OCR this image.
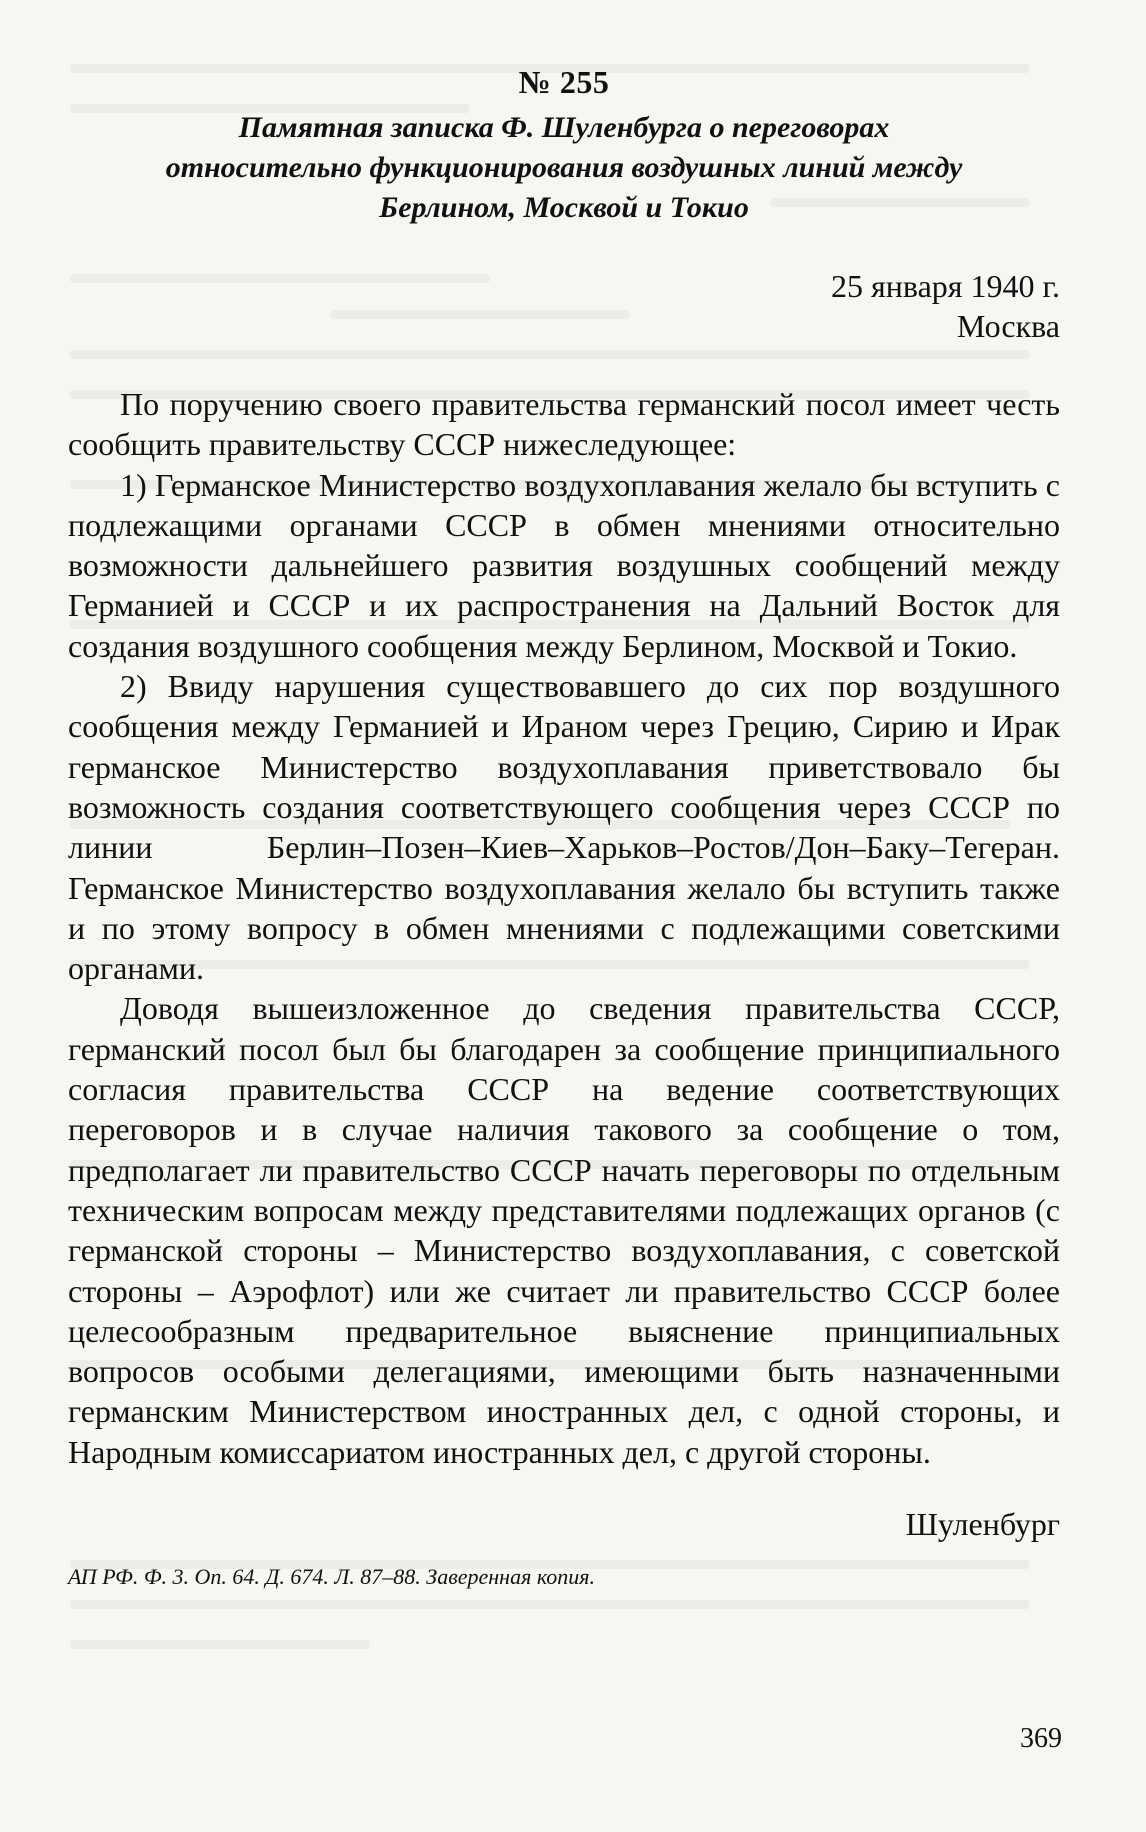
№ 255
Памятная записка Ф. Шуленбурга о переговорах относительно функционирования воздушных линий между Берлином, Москвой и Токио
25 января 1940 г.
Москва

По поручению своего правительства германский посол имеет честь сообщить правительству СССР нижеследующее:

1) Германское Министерство воздухоплавания желало бы вступить с подлежащими органами СССР в обмен мнениями относительно возможности дальнейшего развития воздушных сообщений между Германией и СССР и их распространения на Дальний Восток для создания воздушного сообщения между Берлином, Москвой и Токио.

2) Ввиду нарушения существовавшего до сих пор воздушного сообщения между Германией и Ираном через Грецию, Сирию и Ирак германское Министерство воздухоплавания приветствовало бы возможность создания соответствующего сообщения через СССР по линии Берлин–Позен–Киев–Харьков–Ростов/Дон–Баку–Тегеран. Германское Министерство воздухоплавания желало бы вступить также и по этому вопросу в обмен мнениями с подлежащими советскими органами.

Доводя вышеизложенное до сведения правительства СССР, германский посол был бы благодарен за сообщение принципиального согласия правительства СССР на ведение соответствующих переговоров и в случае наличия такового за сообщение о том, предполагает ли правительство СССР начать переговоры по отдельным техническим вопросам между представителями подлежащих органов (с германской стороны – Министерство воздухоплавания, с советской стороны – Аэрофлот) или же считает ли правительство СССР более целесообразным предварительное выяснение принципиальных вопросов особыми делегациями, имеющими быть назначенными германским Министерством иностранных дел, с одной стороны, и Народным комиссариатом иностранных дел, с другой стороны.

Шуленбург
АП РФ. Ф. 3. Оп. 64. Д. 674. Л. 87–88. Заверенная копия.
369
